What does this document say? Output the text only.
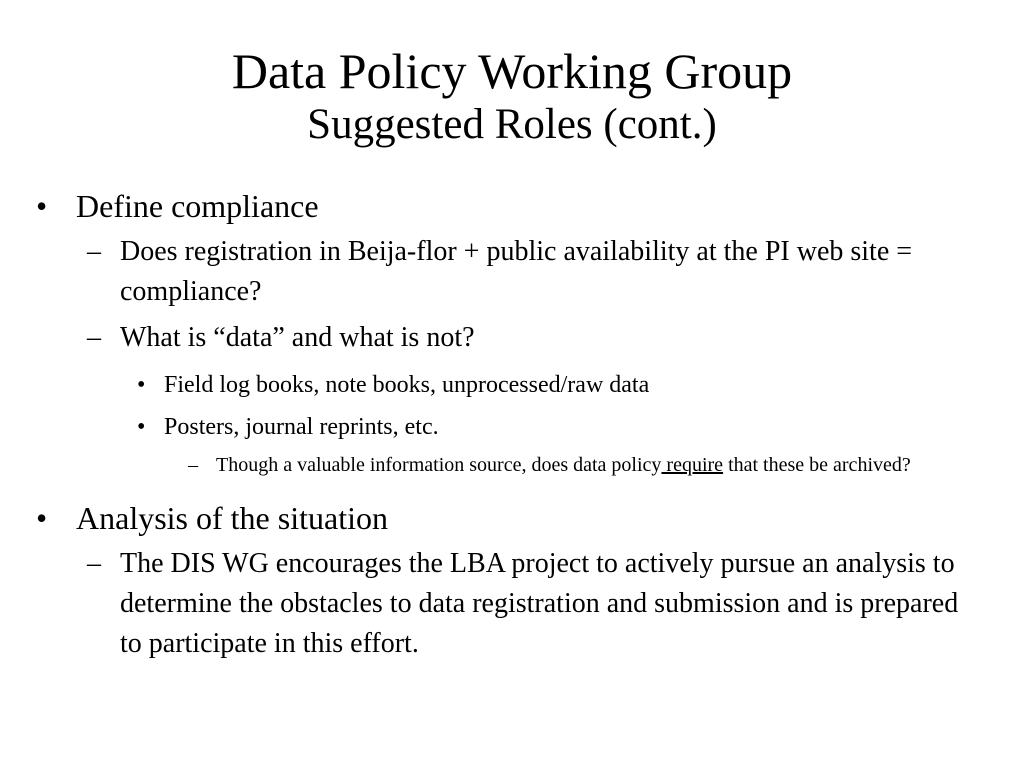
Data Policy Working Group
Suggested Roles (cont.)
• Define compliance
– Does registration in Beija-flor + public availability at the PI web site = compliance?
– What is “data” and what is not?
• Field log books, note books, unprocessed/raw data
• Posters, journal reprints, etc.
– Though a valuable information source, does data policy require that these be archived?
• Analysis of the situation
– The DIS WG encourages the LBA project to actively pursue an analysis to determine the obstacles to data registration and submission and is prepared to participate in this effort.
